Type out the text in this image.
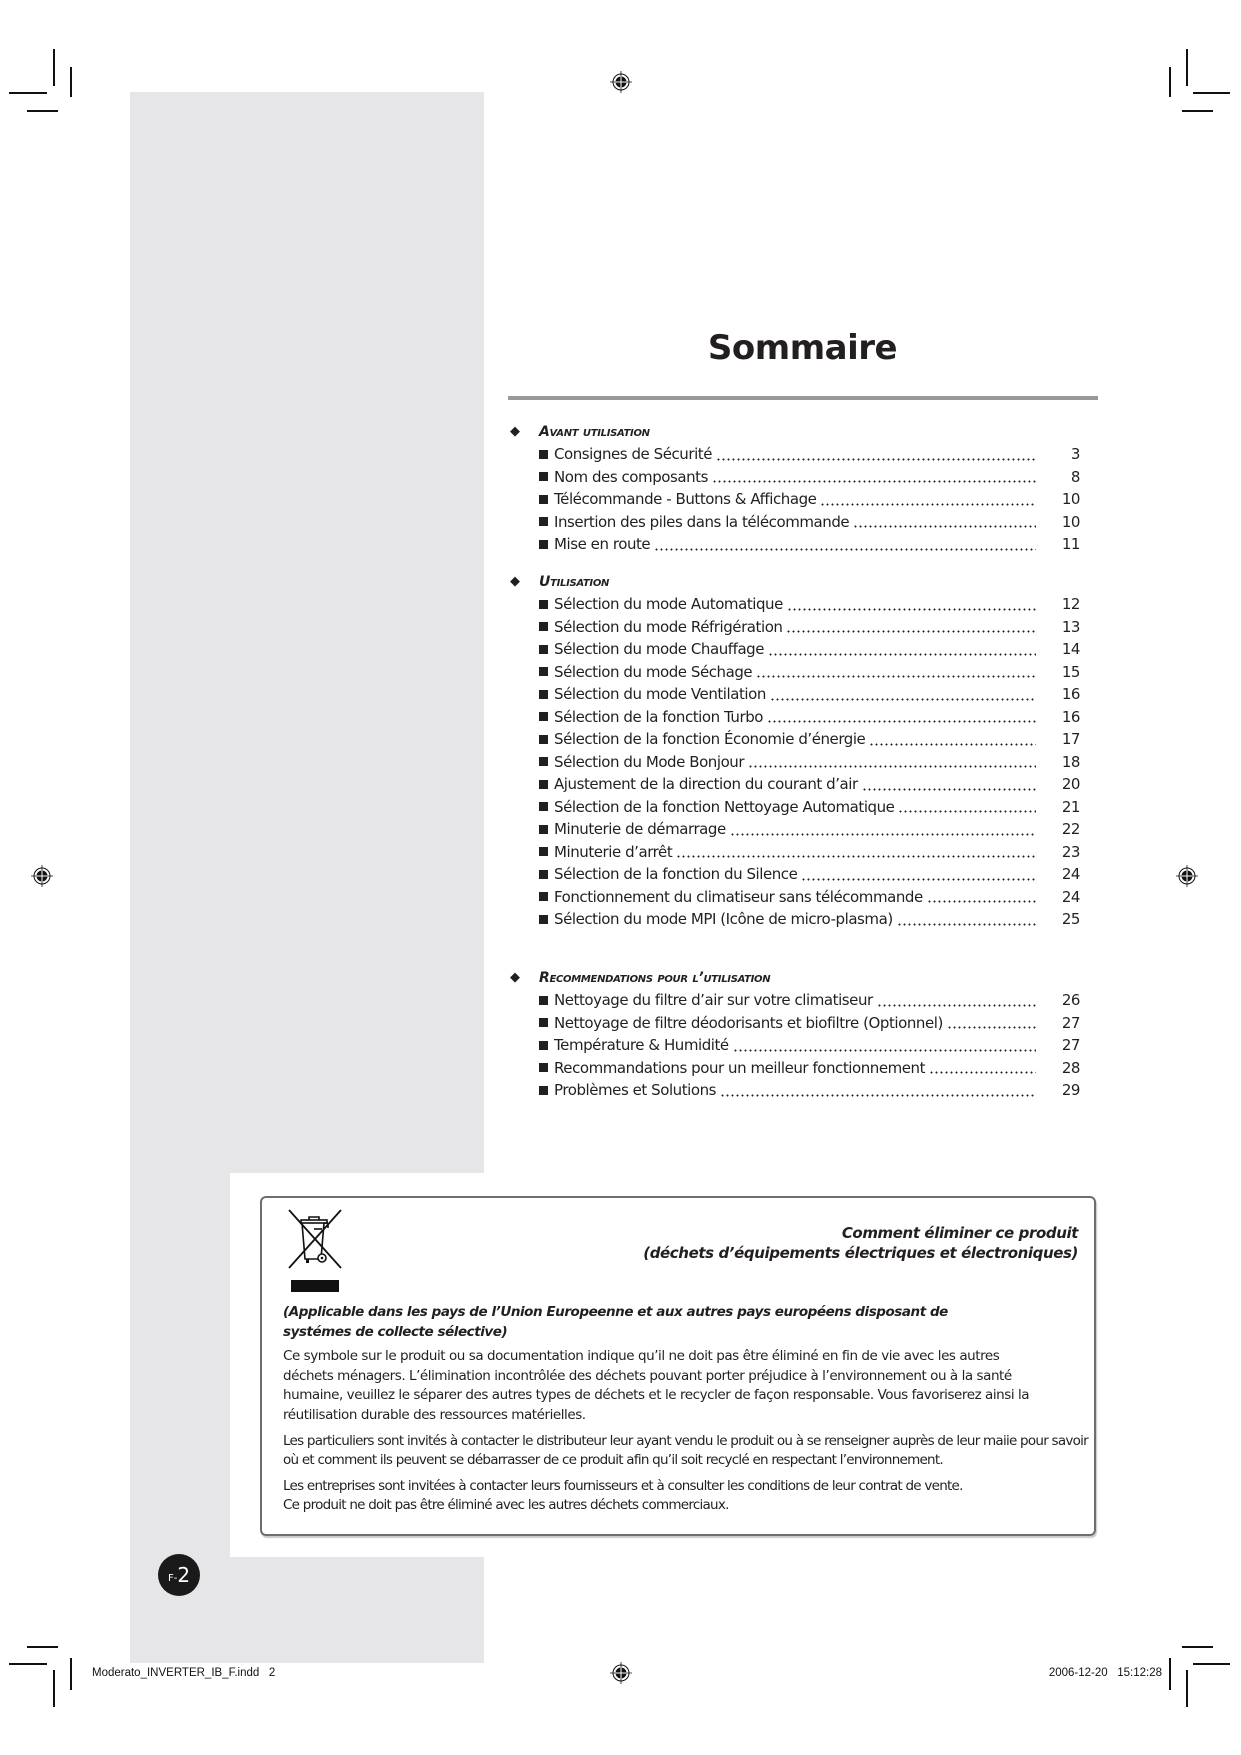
Sommaire
◆ Avant utilisation
Consignes de Sécurité	3
Nom des composants	8
Télécommande - Buttons & Affichage	10
Insertion des piles dans la télécommande	10
Mise en route	11
◆ Utilisation
Sélection du mode Automatique	12
Sélection du mode Réfrigération	13
Sélection du mode Chauffage	14
Sélection du mode Séchage	15
Sélection du mode Ventilation	16
Sélection de la fonction Turbo	16
Sélection de la fonction Économie d’énergie	17
Sélection du Mode Bonjour	18
Ajustement de la direction du courant d’air	20
Sélection de la fonction Nettoyage Automatique	21
Minuterie de démarrage	22
Minuterie d’arrêt	23
Sélection de la fonction du Silence	24
Fonctionnement du climatiseur sans télécommande	24
Sélection du mode MPI (Icône de micro-plasma)	25
◆ Recommendations pour l’utilisation
Nettoyage du filtre d’air sur votre climatiseur	26
Nettoyage de filtre déodorisants et biofiltre (Optionnel)	27
Température & Humidité	27
Recommandations pour un meilleur fonctionnement	28
Problèmes et Solutions	29
Comment éliminer ce produit
(déchets d’équipements électriques et électroniques)

(Applicable dans les pays de l’Union Europeenne et aux autres pays européens disposant de systémes de collecte sélective)

Ce symbole sur le produit ou sa documentation indique qu’il ne doit pas être éliminé en fin de vie avec les autres déchets ménagers. L’élimination incontrôlée des déchets pouvant porter préjudice à l’environnement ou à la santé humaine, veuillez le séparer des autres types de déchets et le recycler de façon responsable. Vous favoriserez ainsi la réutilisation durable des ressources matérielles.

Les particuliers sont invités à contacter le distributeur leur ayant vendu le produit ou à se renseigner auprès de leur maiie pour savoir où et comment ils peuvent se débarrasser de ce produit afin qu’il soit recyclé en respectant l’environnement.

Les entreprises sont invitées à contacter leurs fournisseurs et à consulter les conditions de leur contrat de vente.
Ce produit ne doit pas être éliminé avec les autres déchets commerciaux.

F-2
Moderato_INVERTER_IB_F.indd   2	2006-12-20 15:12:28
